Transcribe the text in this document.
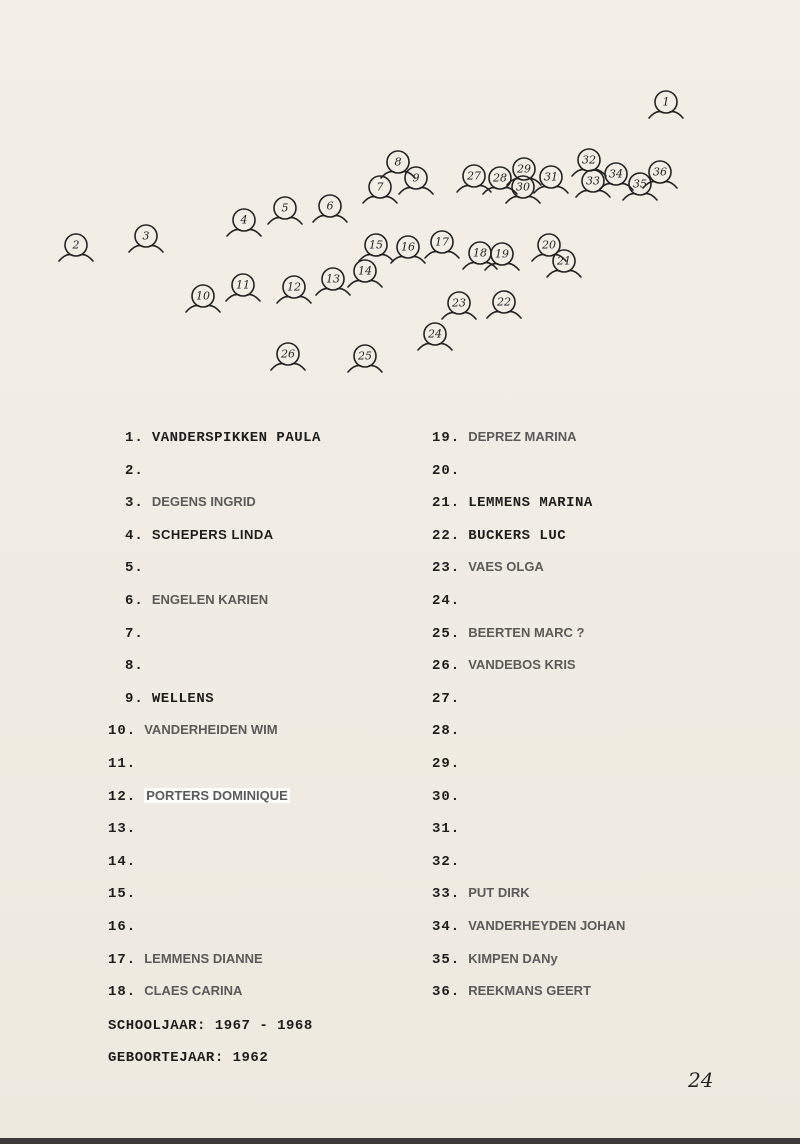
1
2
3
4
5	6
7
8
9
10
11	12
13
14
15 16 17
18 19
20
21
22
23
24
25
26
27 28
29
30
31
32
33
34
35
36
1. VANDERSPIKKEN PAULA
2.
3. DEGENS INGRID
4. SCHEPERS LINDA
5.
6. ENGELEN KARIEN
7.
8.
9. WELLENS
10. VANDERHEIDEN WIM
11.
12. PORTERS DOMINIQUE
13.
14.
15.
16.
17. LEMMENS DIANNE
18. CLAES CARINA
19. DEPREZ MARINA
20.
21. LEMMENS MARINA
22. BUCKERS LUC
23. VAES OLGA
24.
25. BEERTEN MARC ?
26. VANDEBOS KRIS
27.
28.
29.
30.
31.
32.
33. PUT DIRK
34. VANDERHEYDEN JOHAN
35. KIMPEN DANy
36. REEKMANS GEERT
SCHOOLJAAR: 1967 - 1968
GEBOORTEJAAR: 1962
24
